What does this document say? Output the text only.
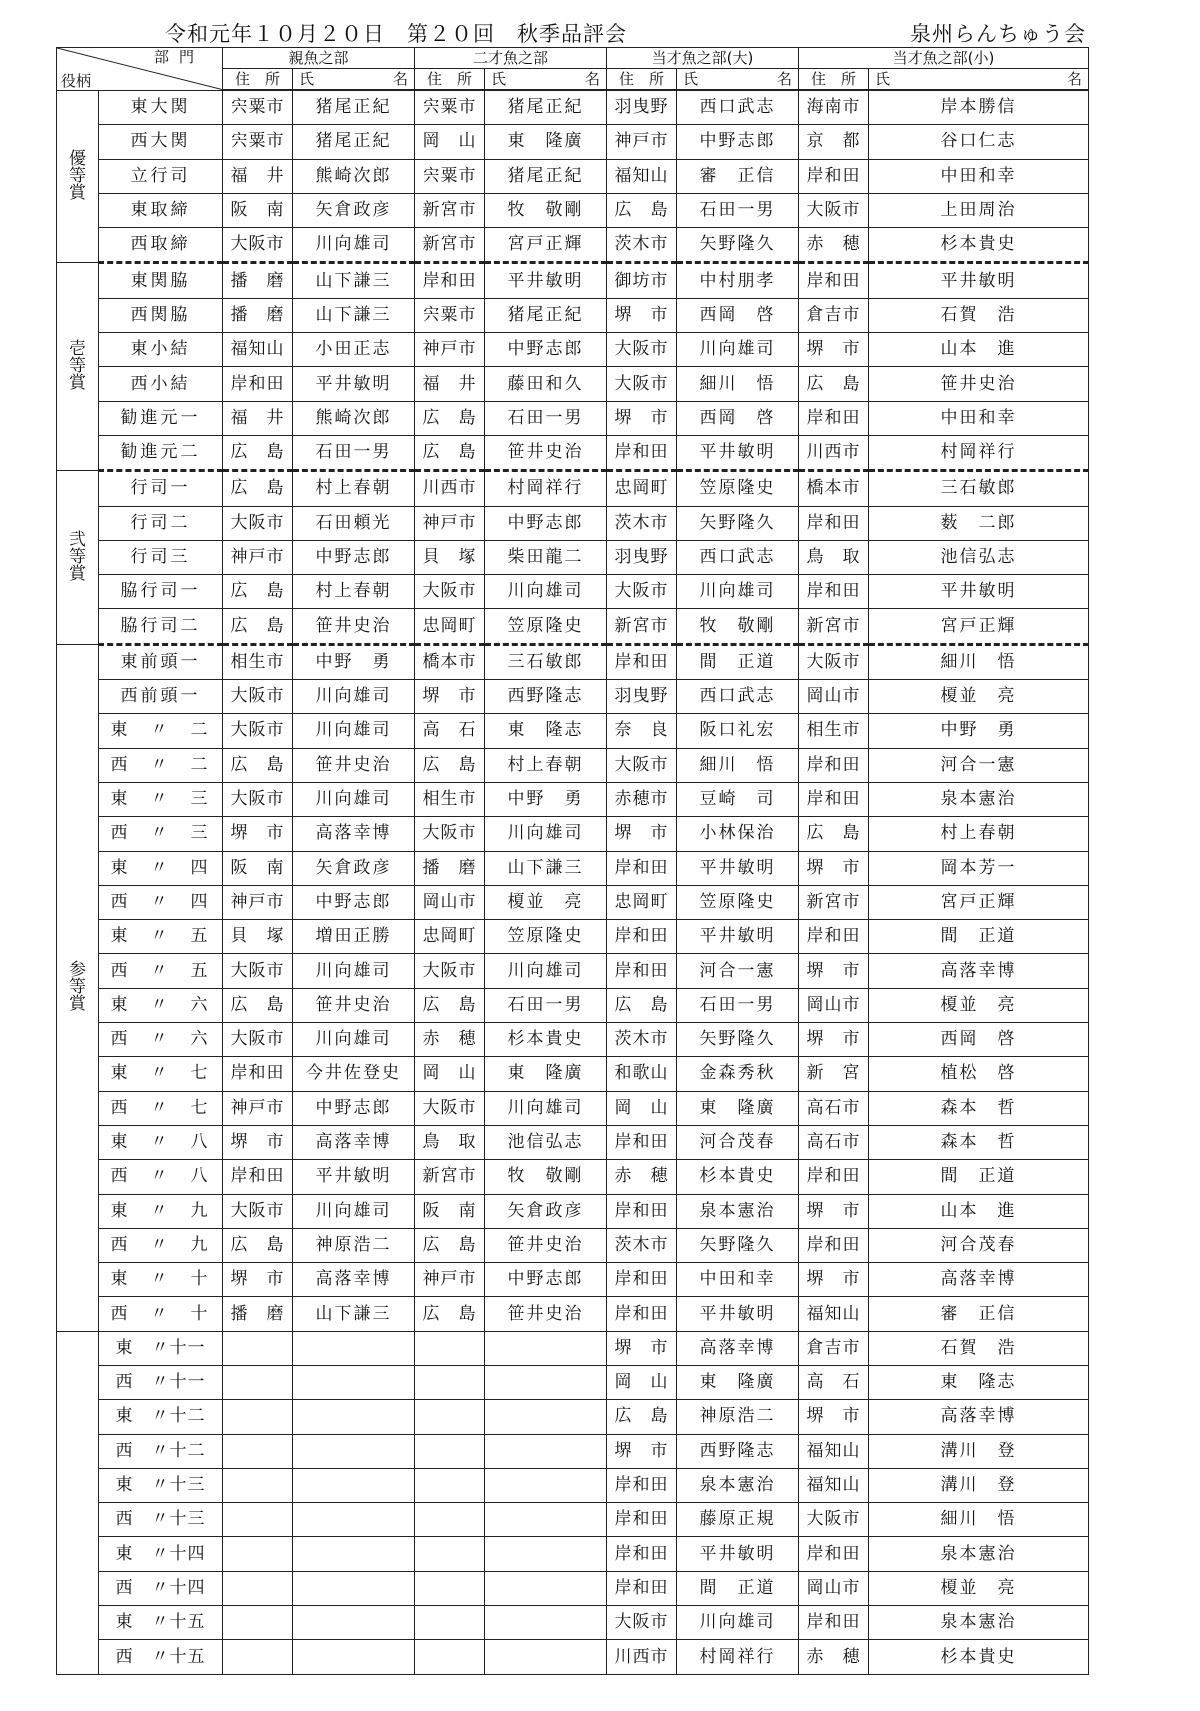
令和元年１０月２０日　第２０回　秋季品評会	泉州らんちゅう会
部門
役柄		親魚之部		二才魚之部		当才魚之部(大)		当才魚之部(小)	
		住　所	氏 名	住　所	氏 名	住　所	氏 名	住　所	氏 名

優
等
賞	東大関	宍粟市	猪尾正紀	宍粟市	猪尾正紀	羽曳野	西口武志	海南市	岸本勝信
	西大関	宍粟市	猪尾正紀	岡　山	東　隆廣	神戸市	中野志郎	京　都	谷口仁志
	立行司	福　井	熊崎次郎	宍粟市	猪尾正紀	福知山	審　正信	岸和田	中田和幸
	東取締	阪　南	矢倉政彦	新宮市	牧　敬剛	広　島	石田一男	大阪市	上田周治
	西取締	大阪市	川向雄司	新宮市	宮戸正輝	茨木市	矢野隆久	赤　穂	杉本貴史

壱
等
賞	東関脇	播　磨	山下謙三	岸和田	平井敏明	御坊市	中村朋孝	岸和田	平井敏明
	西関脇	播　磨	山下謙三	宍粟市	猪尾正紀	堺　市	西岡　啓	倉吉市	石賀　浩
	東小結	福知山	小田正志	神戸市	中野志郎	大阪市	川向雄司	堺　市	山本　進
	西小結	岸和田	平井敏明	福　井	藤田和久	大阪市	細川　悟	広　島	笹井史治
	勧進元一	福　井	熊崎次郎	広　島	石田一男	堺　市	西岡　啓	岸和田	中田和幸
	勧進元二	広　島	石田一男	広　島	笹井史治	岸和田	平井敏明	川西市	村岡祥行

弐
等
賞	行司一	広　島	村上春朝	川西市	村岡祥行	忠岡町	笠原隆史	橋本市	三石敏郎
	行司二	大阪市	石田頼光	神戸市	中野志郎	茨木市	矢野隆久	岸和田	薮　二郎
	行司三	神戸市	中野志郎	貝　塚	柴田龍二	羽曳野	西口武志	鳥　取	池信弘志
	脇行司一	広　島	村上春朝	大阪市	川向雄司	大阪市	川向雄司	岸和田	平井敏明
	脇行司二	広　島	笹井史治	忠岡町	笠原隆史	新宮市	牧　敬剛	新宮市	宮戸正輝

参
等
賞	東前頭一	相生市	中野　勇	橋本市	三石敏郎	岸和田	間　正道	大阪市	細川　悟
	西前頭一	大阪市	川向雄司	堺　市	西野隆志	羽曳野	西口武志	岡山市	榎並　亮
	東　〃　二	大阪市	川向雄司	高　石	東　隆志	奈　良	阪口礼宏	相生市	中野　勇
	西　〃　二	広　島	笹井史治	広　島	村上春朝	大阪市	細川　悟	岸和田	河合一憲
	東　〃　三	大阪市	川向雄司	相生市	中野　勇	赤穂市	豆崎　司	岸和田	泉本憲治
	西　〃　三	堺　市	高落幸博	大阪市	川向雄司	堺　市	小林保治	広　島	村上春朝
	東　〃　四	阪　南	矢倉政彦	播　磨	山下謙三	岸和田	平井敏明	堺　市	岡本芳一
	西　〃　四	神戸市	中野志郎	岡山市	榎並　亮	忠岡町	笠原隆史	新宮市	宮戸正輝
	東　〃　五	貝　塚	増田正勝	忠岡町	笠原隆史	岸和田	平井敏明	岸和田	間　正道
	西　〃　五	大阪市	川向雄司	大阪市	川向雄司	岸和田	河合一憲	堺　市	高落幸博
	東　〃　六	広　島	笹井史治	広　島	石田一男	広　島	石田一男	岡山市	榎並　亮
	西　〃　六	大阪市	川向雄司	赤　穂	杉本貴史	茨木市	矢野隆久	堺　市	西岡　啓
	東　〃　七	岸和田	今井佐登史	岡　山	東　隆廣	和歌山	金森秀秋	新　宮	植松　啓
	西　〃　七	神戸市	中野志郎	大阪市	川向雄司	岡　山	東　隆廣	高石市	森本　哲
	東　〃　八	堺　市	高落幸博	鳥　取	池信弘志	岸和田	河合茂春	高石市	森本　哲
	西　〃　八	岸和田	平井敏明	新宮市	牧　敬剛	赤　穂	杉本貴史	岸和田	間　正道
	東　〃　九	大阪市	川向雄司	阪　南	矢倉政彦	岸和田	泉本憲治	堺　市	山本　進
	西　〃　九	広　島	神原浩二	広　島	笹井史治	茨木市	矢野隆久	岸和田	河合茂春
	東　〃　十	堺　市	高落幸博	神戸市	中野志郎	岸和田	中田和幸	堺　市	高落幸博
	西　〃　十	播　磨	山下謙三	広　島	笹井史治	岸和田	平井敏明	福知山	審　正信
	東　〃十一					堺　市	高落幸博	倉吉市	石賀　浩
	西　〃十一					岡　山	東　隆廣	高　石	東　隆志
	東　〃十二					広　島	神原浩二	堺　市	高落幸博
	西　〃十二					堺　市	西野隆志	福知山	溝川　登
	東　〃十三					岸和田	泉本憲治	福知山	溝川　登
	西　〃十三					岸和田	藤原正規	大阪市	細川　悟
	東　〃十四					岸和田	平井敏明	岸和田	泉本憲治
	西　〃十四					岸和田	間　正道	岡山市	榎並　亮
	東　〃十五					大阪市	川向雄司	岸和田	泉本憲治
	西　〃十五					川西市	村岡祥行	赤　穂	杉本貴史
